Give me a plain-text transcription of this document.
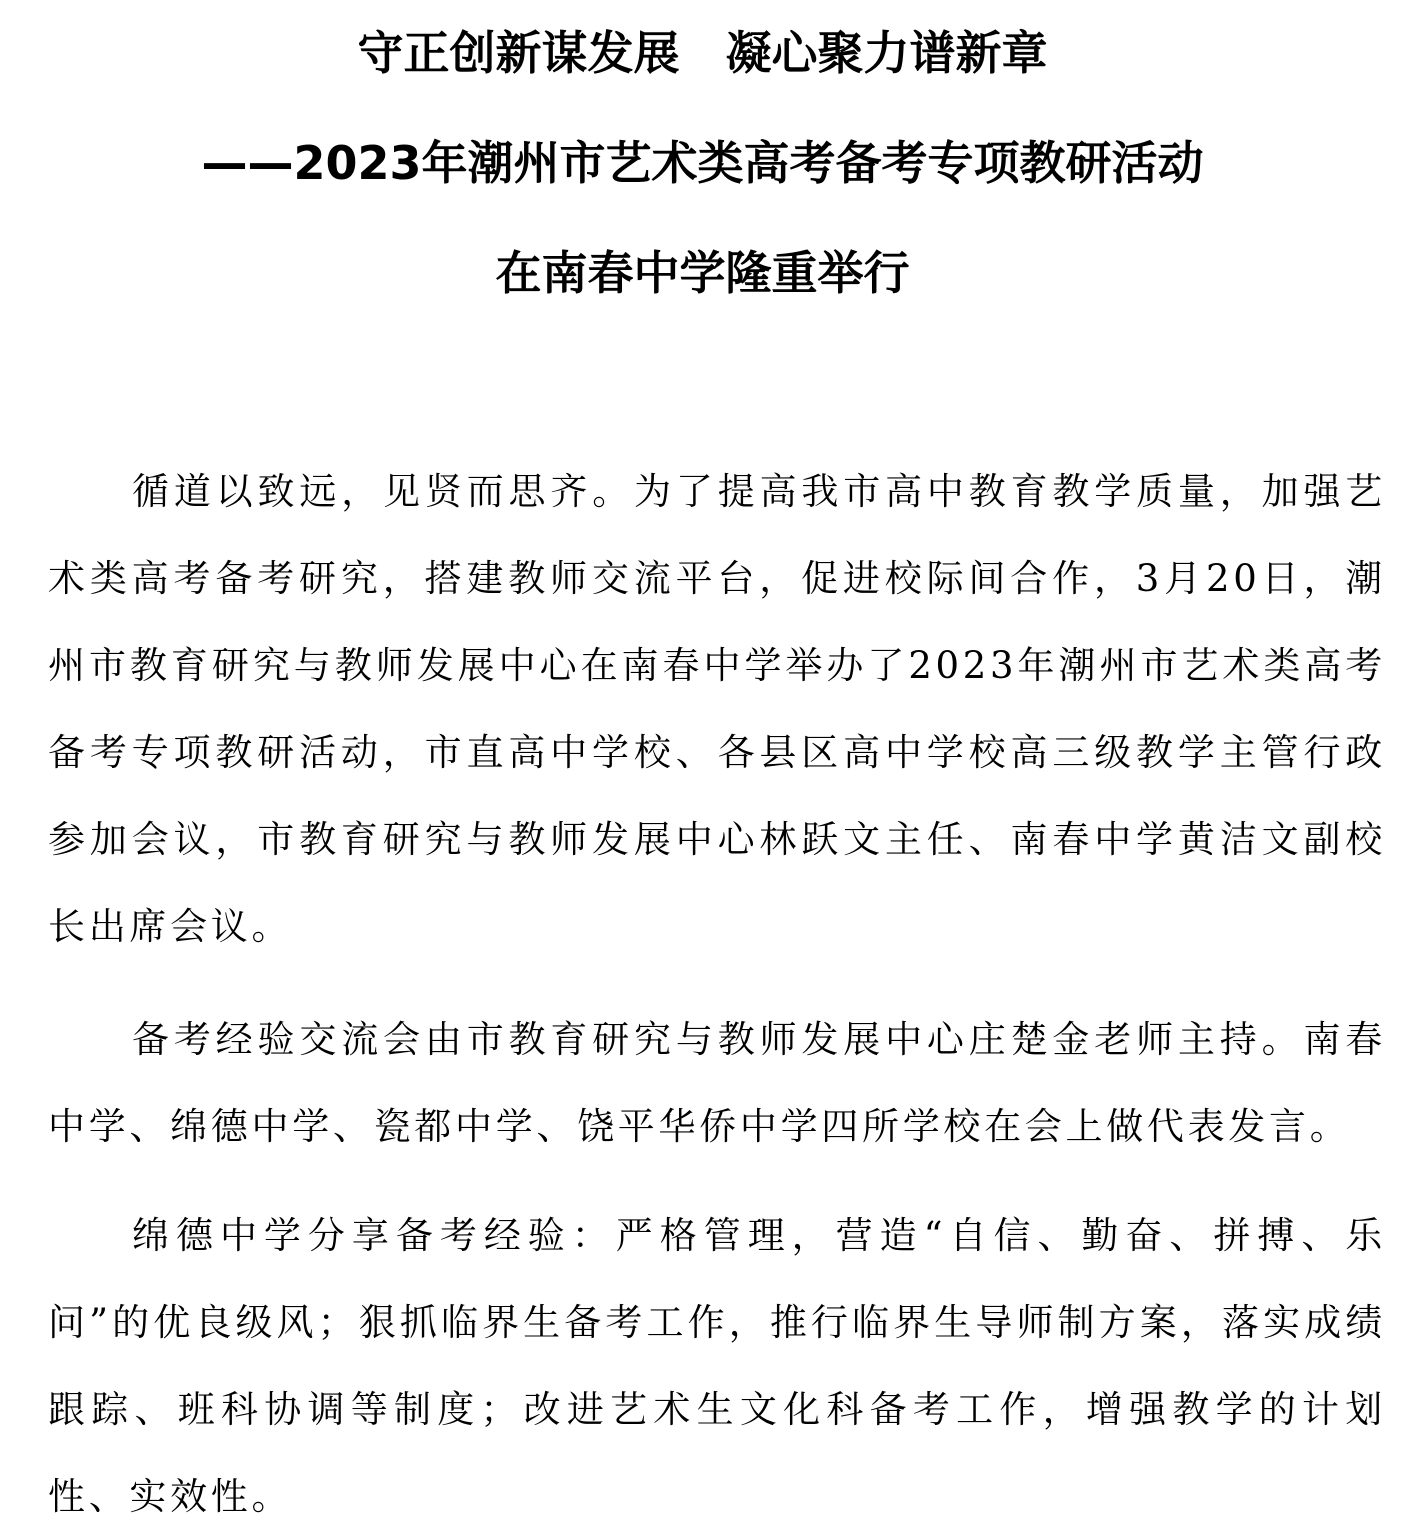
守正创新谋发展 凝心聚力谱新章
——2023年潮州市艺术类高考备考专项教研活动
在南春中学隆重举行

循道以致远，见贤而思齐。为了提高我市高中教育教学质量，加强艺术类高考备考研究，搭建教师交流平台，促进校际间合作，3月20日，潮州市教育研究与教师发展中心在南春中学举办了2023年潮州市艺术类高考备考专项教研活动，市直高中学校、各县区高中学校高三级教学主管行政参加会议，市教育研究与教师发展中心林跃文主任、南春中学黄洁文副校长出席会议。

备考经验交流会由市教育研究与教师发展中心庄楚金老师主持。南春中学、绵德中学、瓷都中学、饶平华侨中学四所学校在会上做代表发言。

绵德中学分享备考经验：严格管理，营造“自信、勤奋、拼搏、乐问”的优良级风；狠抓临界生备考工作，推行临界生导师制方案，落实成绩跟踪、班科协调等制度；改进艺术生文化科备考工作，增强教学的计划性、实效性。
